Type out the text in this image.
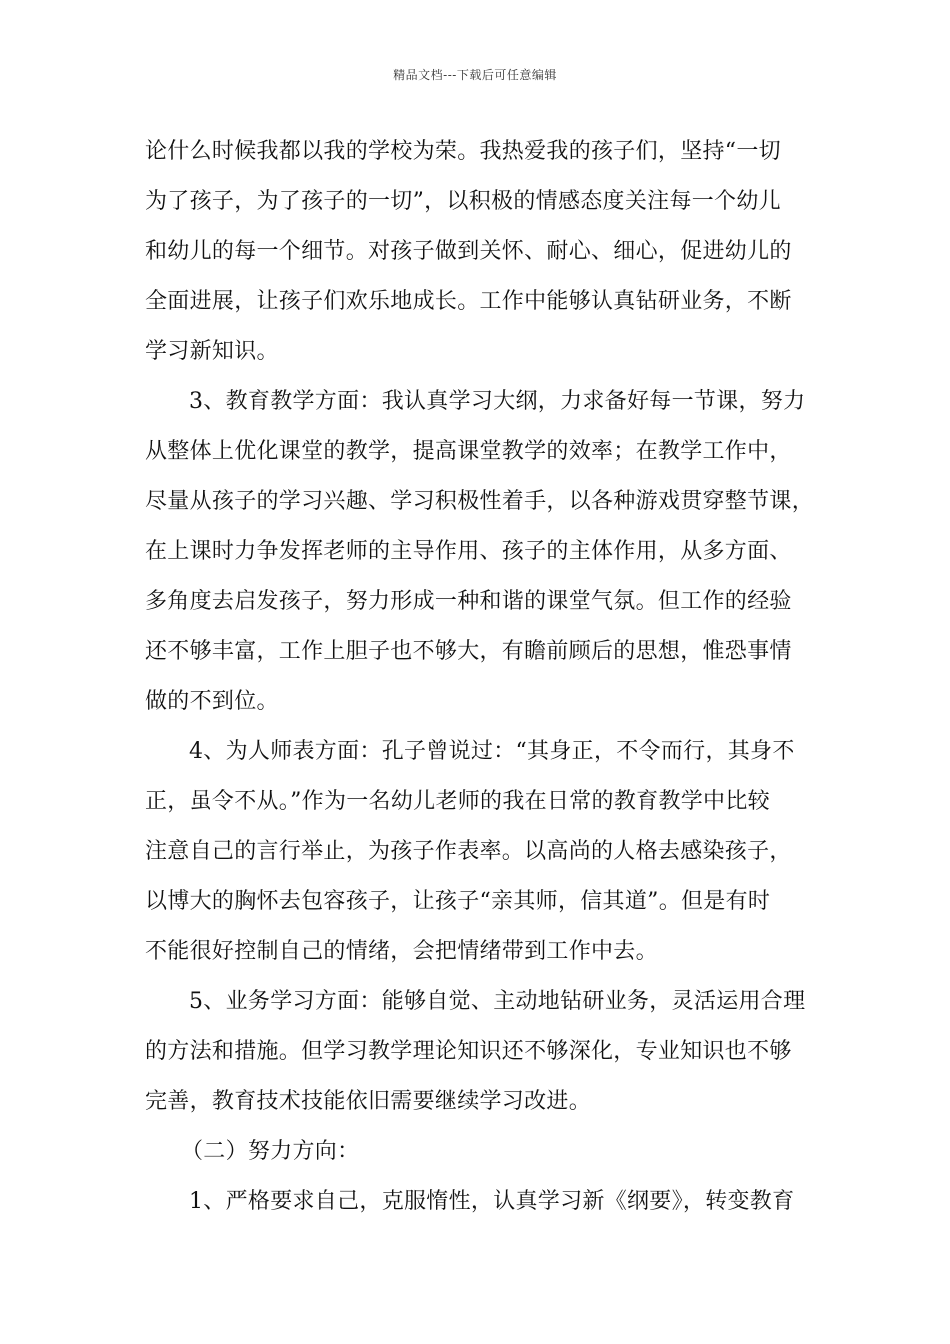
精品文档---下载后可任意编辑
论什么时候我都以我的学校为荣。我热爱我的孩子们，坚持“一切
为了孩子，为了孩子的一切”，以积极的情感态度关注每一个幼儿
和幼儿的每一个细节。对孩子做到关怀、耐心、细心，促进幼儿的
全面进展，让孩子们欢乐地成长。工作中能够认真钻研业务，不断
学习新知识。
3、教育教学方面：我认真学习大纲，力求备好每一节课，努力
从整体上优化课堂的教学，提高课堂教学的效率；在教学工作中，
尽量从孩子的学习兴趣、学习积极性着手，以各种游戏贯穿整节课，
在上课时力争发挥老师的主导作用、孩子的主体作用，从多方面、
多角度去启发孩子，努力形成一种和谐的课堂气氛。但工作的经验
还不够丰富，工作上胆子也不够大，有瞻前顾后的思想，惟恐事情
做的不到位。
4、为人师表方面：孔子曾说过：“其身正，不令而行，其身不
正，虽令不从。”作为一名幼儿老师的我在日常的教育教学中比较
注意自己的言行举止，为孩子作表率。以高尚的人格去感染孩子，
以博大的胸怀去包容孩子，让孩子“亲其师，信其道”。但是有时
不能很好控制自己的情绪，会把情绪带到工作中去。
5、业务学习方面：能够自觉、主动地钻研业务，灵活运用合理
的方法和措施。但学习教学理论知识还不够深化，专业知识也不够
完善，教育技术技能依旧需要继续学习改进。
（二）努力方向：
1、严格要求自己，克服惰性，认真学习新《纲要》，转变教育
